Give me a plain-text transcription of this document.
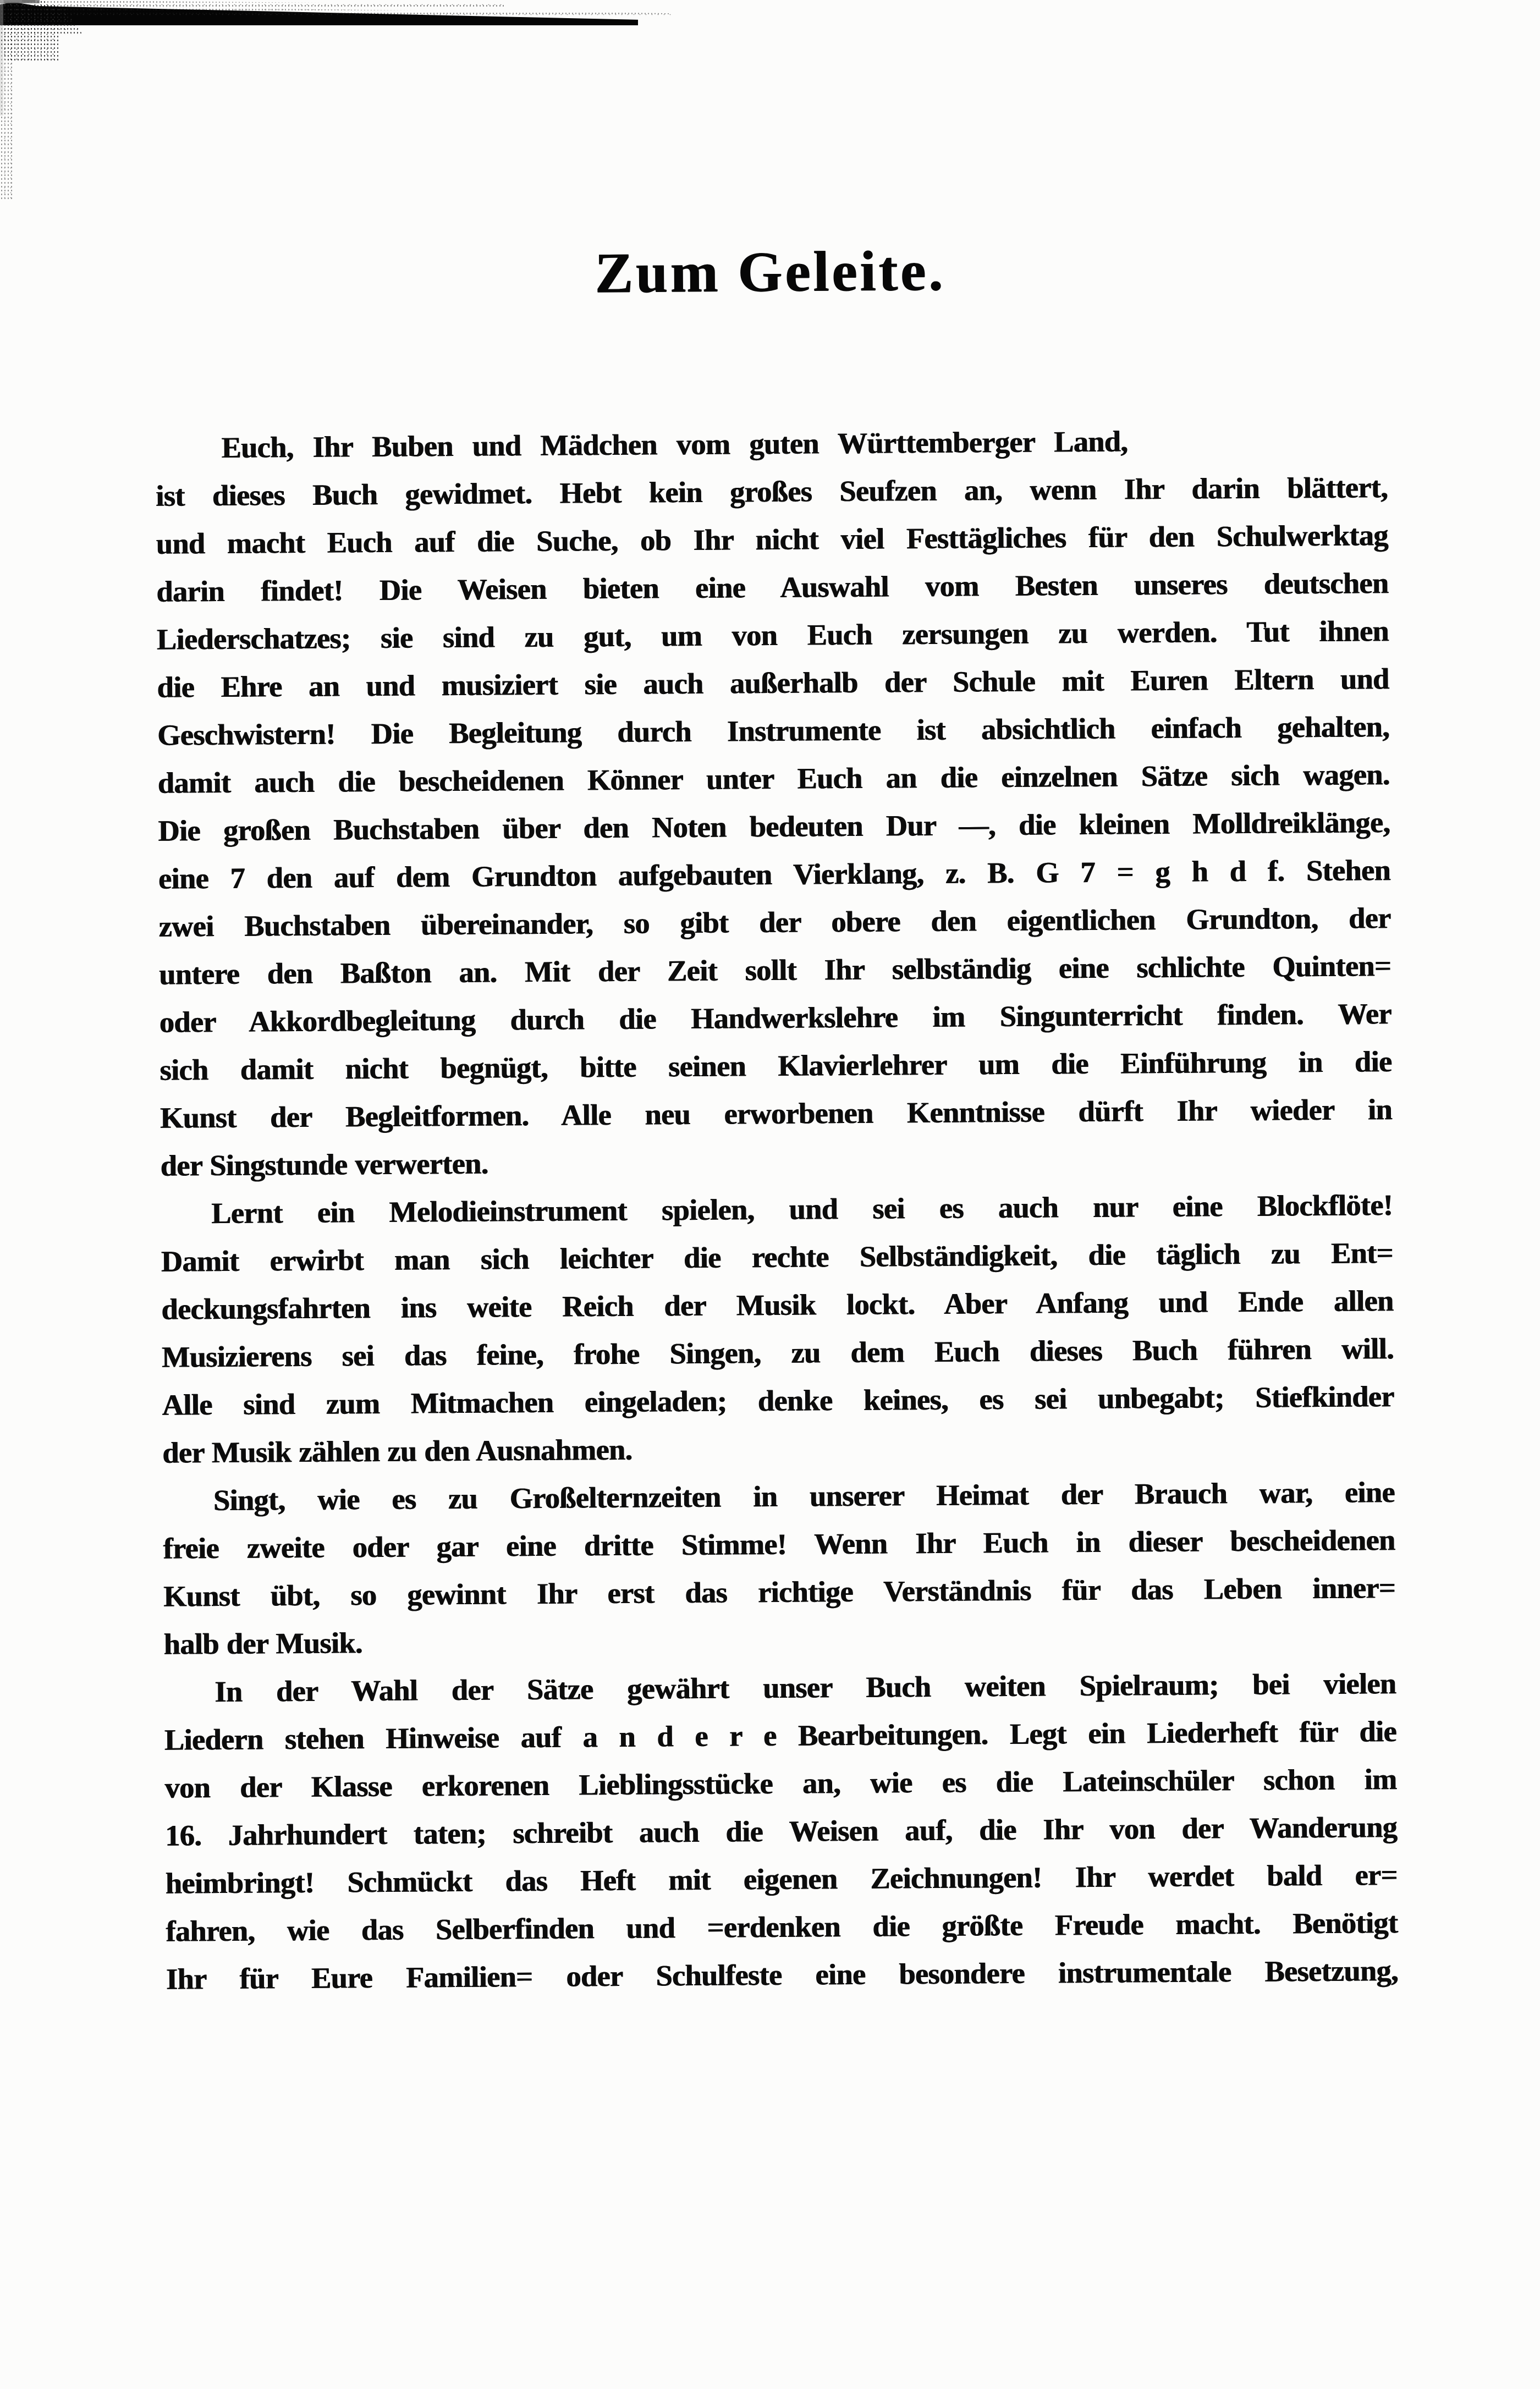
Zum Geleite.
Euch, Ihr Buben und Mädchen vom guten Württemberger Land,
ist dieses Buch gewidmet. Hebt kein großes Seufzen an, wenn Ihr darin blättert,
und macht Euch auf die Suche, ob Ihr nicht viel Festtägliches für den Schulwerktag
darin findet! Die Weisen bieten eine Auswahl vom Besten unseres deutschen
Liederschatzes; sie sind zu gut, um von Euch zersungen zu werden. Tut ihnen
die Ehre an und musiziert sie auch außerhalb der Schule mit Euren Eltern und
Geschwistern! Die Begleitung durch Instrumente ist absichtlich einfach gehalten,
damit auch die bescheidenen Könner unter Euch an die einzelnen Sätze sich wagen.
Die großen Buchstaben über den Noten bedeuten Dur —, die kleinen Molldreiklänge,
eine 7 den auf dem Grundton aufgebauten Vierklang, z. B. G 7 = g h d f. Stehen
zwei Buchstaben übereinander, so gibt der obere den eigentlichen Grundton, der
untere den Baßton an. Mit der Zeit sollt Ihr selbständig eine schlichte Quinten=
oder Akkordbegleitung durch die Handwerkslehre im Singunterricht finden. Wer
sich damit nicht begnügt, bitte seinen Klavierlehrer um die Einführung in die
Kunst der Begleitformen. Alle neu erworbenen Kenntnisse dürft Ihr wieder in
der Singstunde verwerten.
Lernt ein Melodieinstrument spielen, und sei es auch nur eine Blockflöte!
Damit erwirbt man sich leichter die rechte Selbständigkeit, die täglich zu Ent=
deckungsfahrten ins weite Reich der Musik lockt. Aber Anfang und Ende allen
Musizierens sei das feine, frohe Singen, zu dem Euch dieses Buch führen will.
Alle sind zum Mitmachen eingeladen; denke keines, es sei unbegabt; Stiefkinder
der Musik zählen zu den Ausnahmen.
Singt, wie es zu Großelternzeiten in unserer Heimat der Brauch war, eine
freie zweite oder gar eine dritte Stimme! Wenn Ihr Euch in dieser bescheidenen
Kunst übt, so gewinnt Ihr erst das richtige Verständnis für das Leben inner=
halb der Musik.
In der Wahl der Sätze gewährt unser Buch weiten Spielraum; bei vielen
Liedern stehen Hinweise auf a n d e r e Bearbeitungen. Legt ein Liederheft für die
von der Klasse erkorenen Lieblingsstücke an, wie es die Lateinschüler schon im
16. Jahrhundert taten; schreibt auch die Weisen auf, die Ihr von der Wanderung
heimbringt! Schmückt das Heft mit eigenen Zeichnungen! Ihr werdet bald er=
fahren, wie das Selberfinden und =erdenken die größte Freude macht. Benötigt
Ihr für Eure Familien= oder Schulfeste eine besondere instrumentale Besetzung,
